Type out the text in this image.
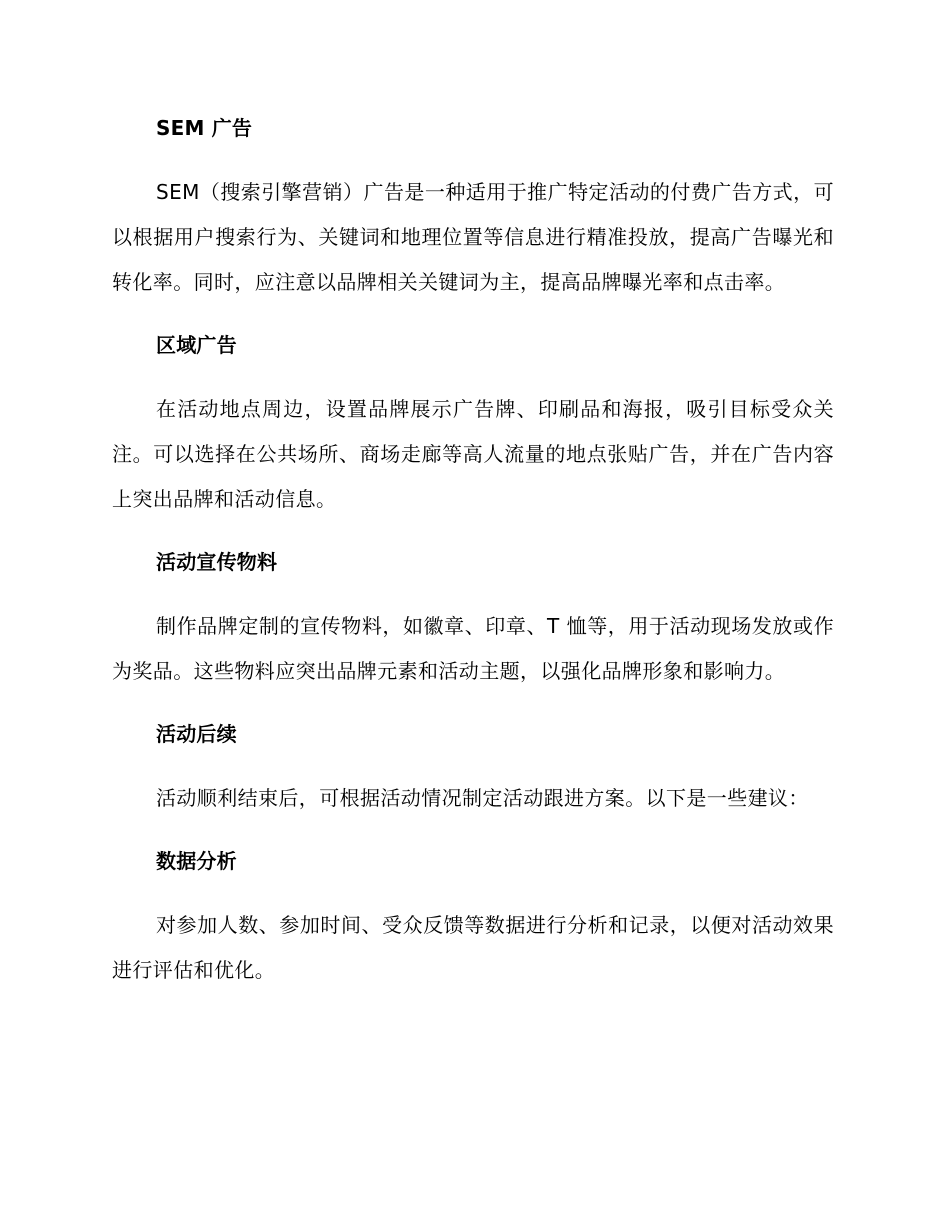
SEM 广告

SEM（搜索引擎营销）广告是一种适用于推广特定活动的付费广告方式，可以根据用户搜索行为、关键词和地理位置等信息进行精准投放，提高广告曝光和转化率。同时，应注意以品牌相关关键词为主，提高品牌曝光率和点击率。

区域广告

在活动地点周边，设置品牌展示广告牌、印刷品和海报，吸引目标受众关注。可以选择在公共场所、商场走廊等高人流量的地点张贴广告，并在广告内容上突出品牌和活动信息。

活动宣传物料

制作品牌定制的宣传物料，如徽章、印章、T 恤等，用于活动现场发放或作为奖品。这些物料应突出品牌元素和活动主题，以强化品牌形象和影响力。

活动后续

活动顺利结束后，可根据活动情况制定活动跟进方案。以下是一些建议：

数据分析

对参加人数、参加时间、受众反馈等数据进行分析和记录，以便对活动效果进行评估和优化。
